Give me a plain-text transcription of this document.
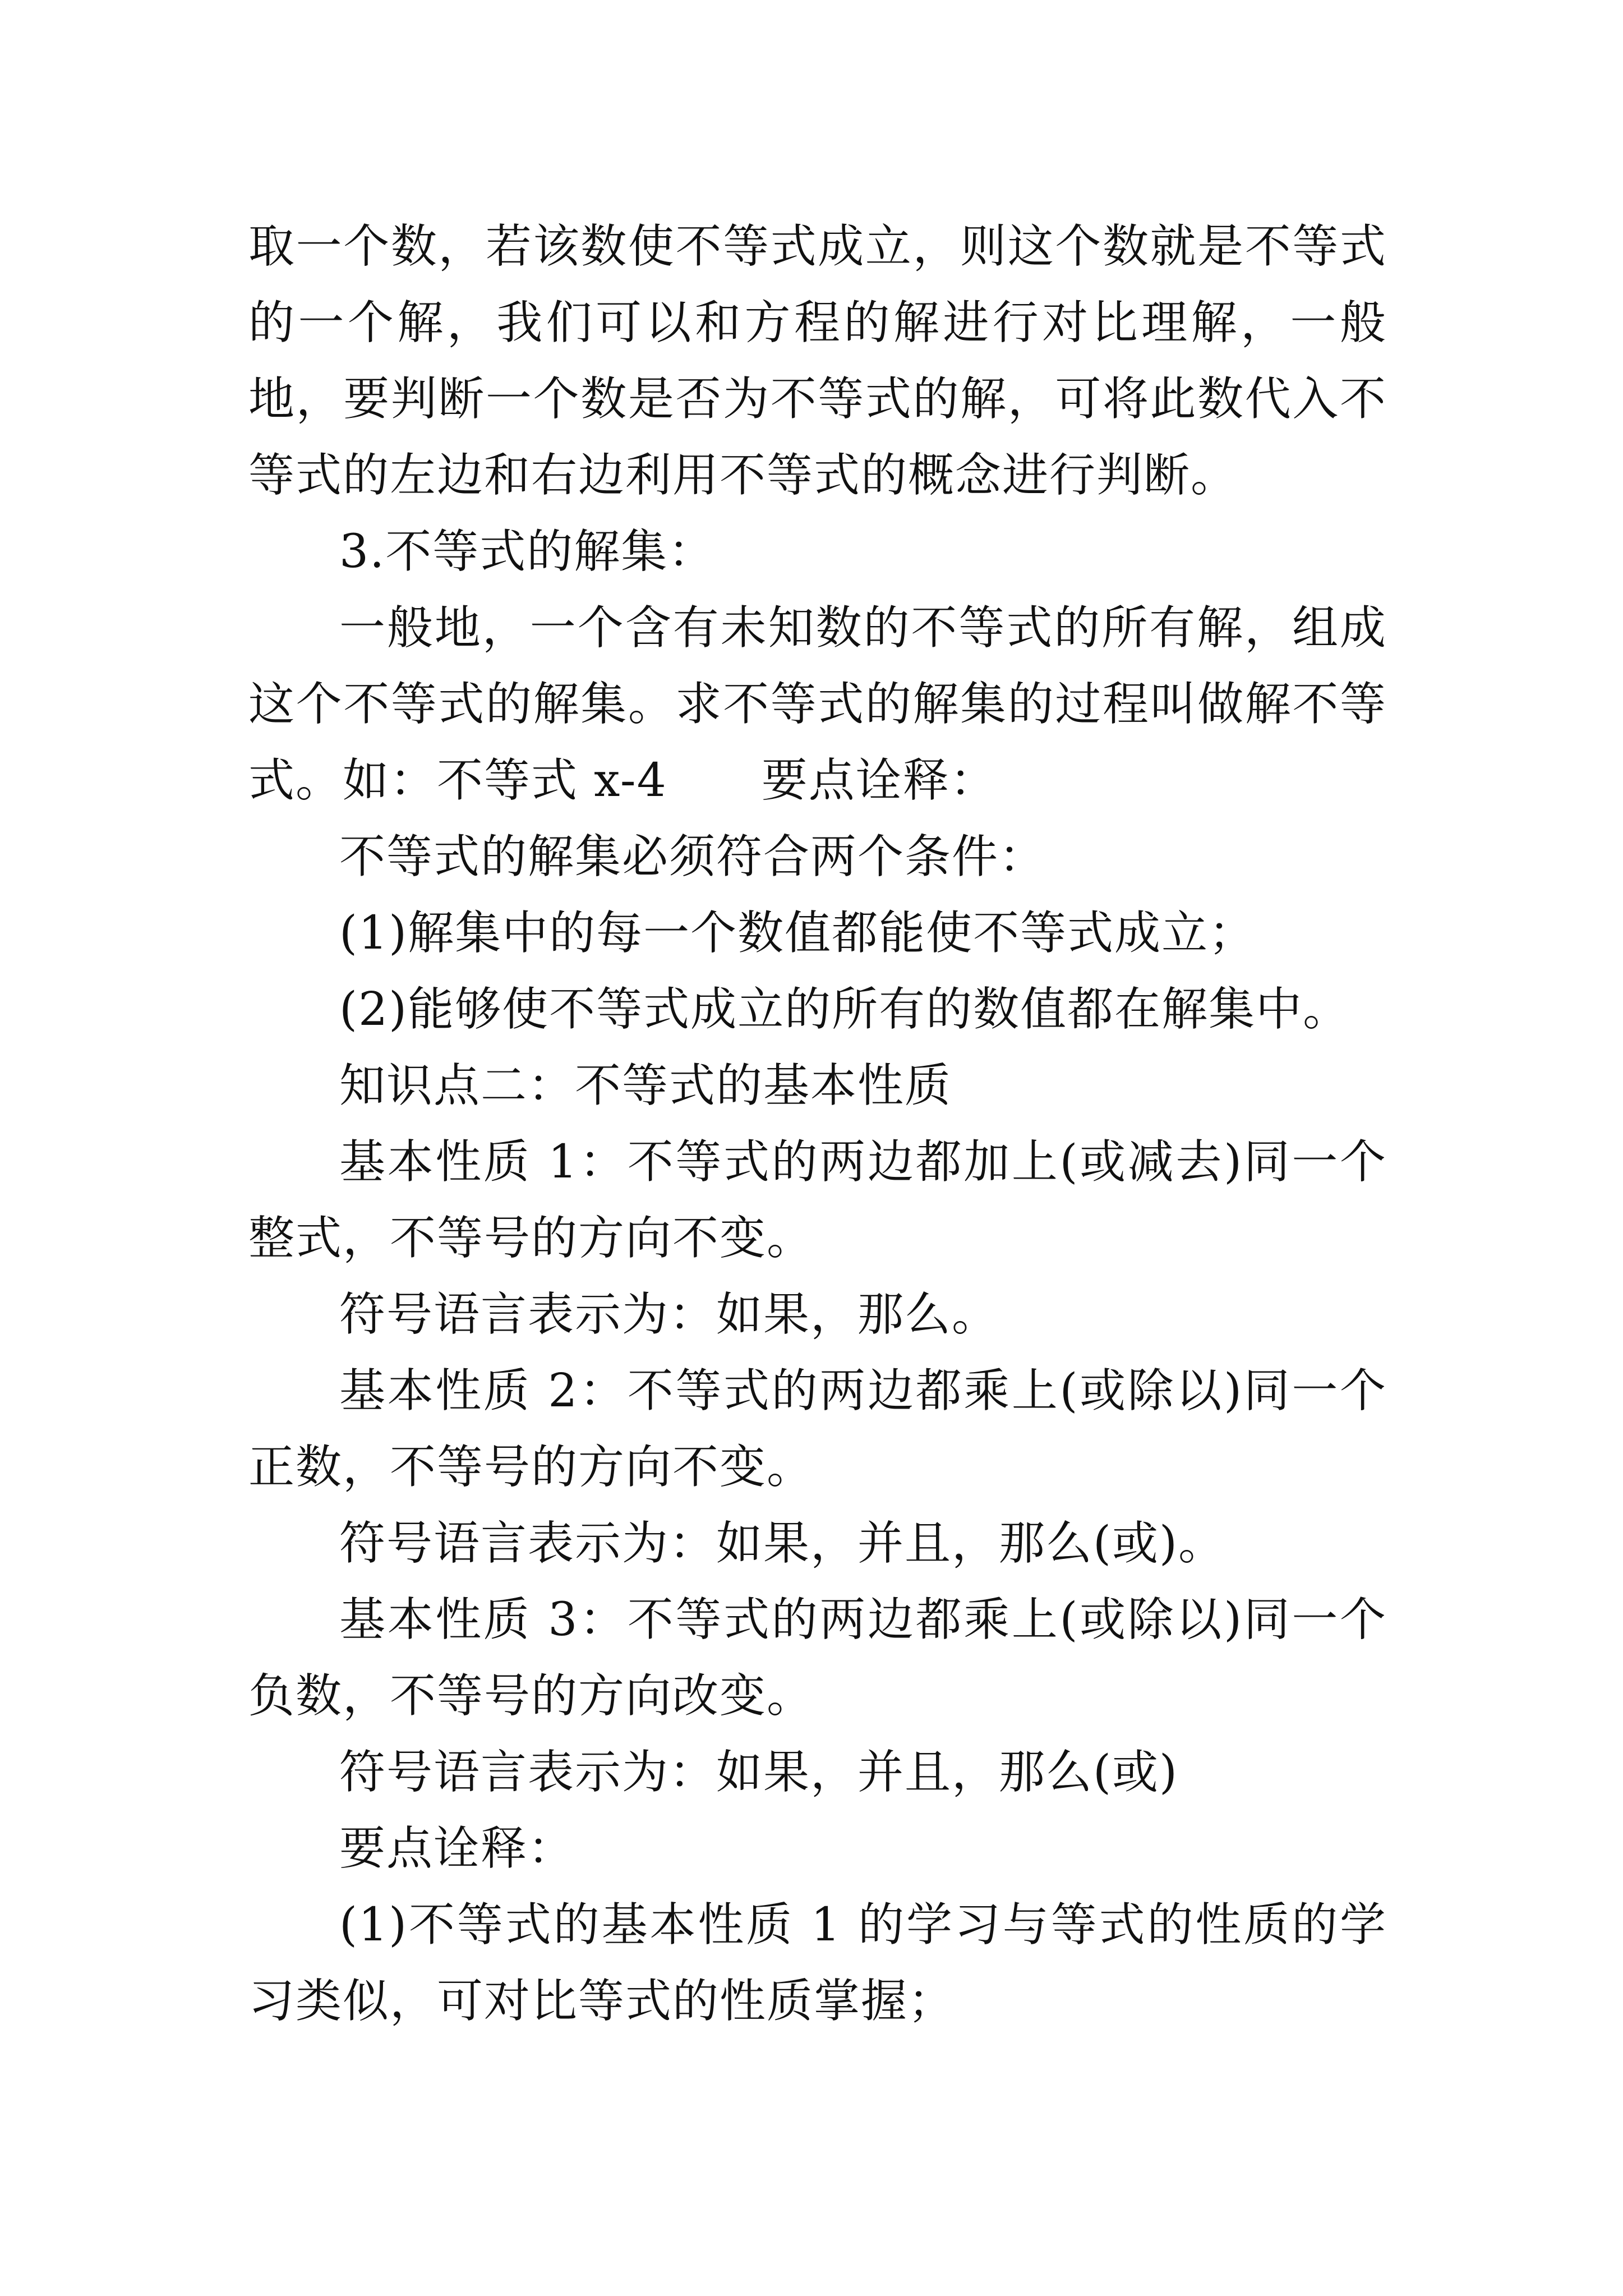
取一个数，若该数使不等式成立，则这个数就是不等式的一个解，我们可以和方程的解进行对比理解，一般地，要判断一个数是否为不等式的解，可将此数代入不等式的左边和右边利用不等式的概念进行判断。

3.不等式的解集：

一般地，一个含有未知数的不等式的所有解，组成这个不等式的解集。求不等式的解集的过程叫做解不等式。如：不等式 x-4　　要点诠释：

不等式的解集必须符合两个条件：

(1)解集中的每一个数值都能使不等式成立；

(2)能够使不等式成立的所有的数值都在解集中。

知识点二：不等式的基本性质

基本性质 1：不等式的两边都加上(或减去)同一个整式，不等号的方向不变。

符号语言表示为：如果，那么。

基本性质 2：不等式的两边都乘上(或除以)同一个正数，不等号的方向不变。

符号语言表示为：如果，并且，那么(或)。

基本性质 3：不等式的两边都乘上(或除以)同一个负数，不等号的方向改变。

符号语言表示为：如果，并且，那么(或)

要点诠释：

(1)不等式的基本性质 1 的学习与等式的性质的学习类似，可对比等式的性质掌握；
